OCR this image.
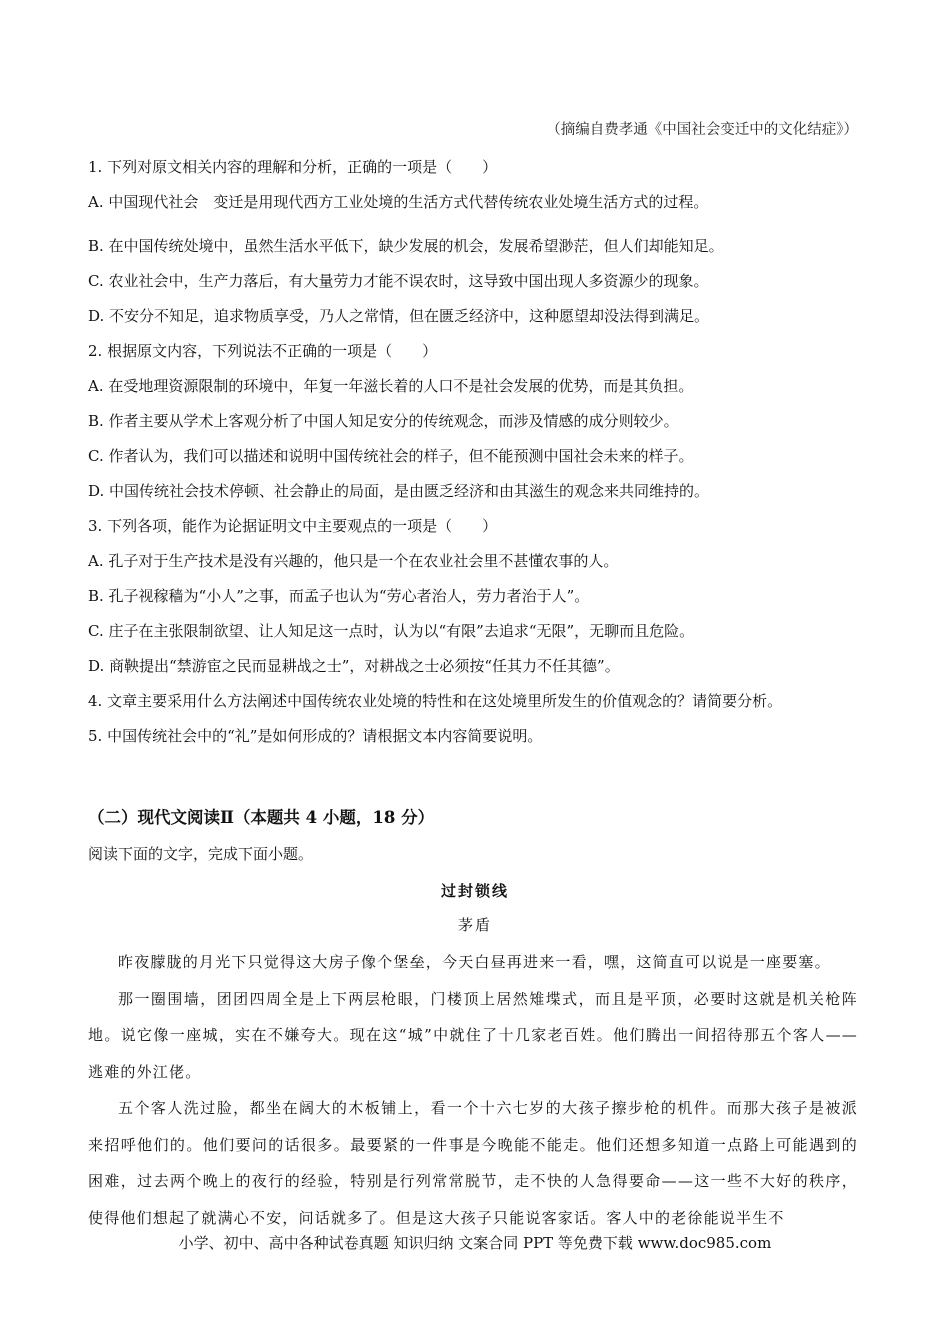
（摘编自费孝通《中国社会变迁中的文化结症》）
1. 下列对原文相关内容的理解和分析，正确的一项是（　　）
A. 中国现代社会　变迁是用现代西方工业处境的生活方式代替传统农业处境生活方式的过程。
B. 在中国传统处境中，虽然生活水平低下，缺少发展的机会，发展希望渺茫，但人们却能知足。
C. 农业社会中，生产力落后，有大量劳力才能不误农时，这导致中国出现人多资源少的现象。
D. 不安分不知足，追求物质享受，乃人之常情，但在匮乏经济中，这种愿望却没法得到满足。
2. 根据原文内容，下列说法不正确的一项是（　　）
A. 在受地理资源限制的环境中，年复一年滋长着的人口不是社会发展的优势，而是其负担。
B. 作者主要从学术上客观分析了中国人知足安分的传统观念，而涉及情感的成分则较少。
C. 作者认为，我们可以描述和说明中国传统社会的样子，但不能预测中国社会未来的样子。
D. 中国传统社会技术停顿、社会静止的局面，是由匮乏经济和由其滋生的观念来共同维持的。
3. 下列各项，能作为论据证明文中主要观点的一项是（　　）
A. 孔子对于生产技术是没有兴趣的，他只是一个在农业社会里不甚懂农事的人。
B. 孔子视稼穑为“小人”之事，而孟子也认为“劳心者治人，劳力者治于人”。
C. 庄子在主张限制欲望、让人知足这一点时，认为以“有限”去追求“无限”，无聊而且危险。
D. 商鞅提出“禁游宦之民而显耕战之士”，对耕战之士必须按“任其力不任其德”。
4. 文章主要采用什么方法阐述中国传统农业处境的特性和在这处境里所发生的价值观念的？请简要分析。
5. 中国传统社会中的“礼”是如何形成的？请根据文本内容简要说明。
（二）现代文阅读Ⅱ（本题共 4 小题，18 分）
阅读下面的文字，完成下面小题。
过封锁线
茅盾

昨夜朦胧的月光下只觉得这大房子像个堡垒，今天白昼再进来一看，嘿，这简直可以说是一座要塞。

那一圈围墙，团团四周全是上下两层枪眼，门楼顶上居然雉堞式，而且是平顶，必要时这就是机关枪阵地。说它像一座城，实在不嫌夸大。现在这“城”中就住了十几家老百姓。他们腾出一间招待那五个客人——逃难的外江佬。

五个客人洗过脸，都坐在阔大的木板铺上，看一个十六七岁的大孩子擦步枪的机件。而那大孩子是被派来招呼他们的。他们要问的话很多。最要紧的一件事是今晚能不能走。他们还想多知道一点路上可能遇到的困难，过去两个晚上的夜行的经验，特别是行列常常脱节，走不快的人急得要命——这一些不大好的秩序，使得他们想起了就满心不安，问话就多了。但是这大孩子只能说客家话。客人中的老徐能说半生不

小学、初中、高中各种试卷真题 知识归纳 文案合同 PPT 等免费下载 www.doc985.com
